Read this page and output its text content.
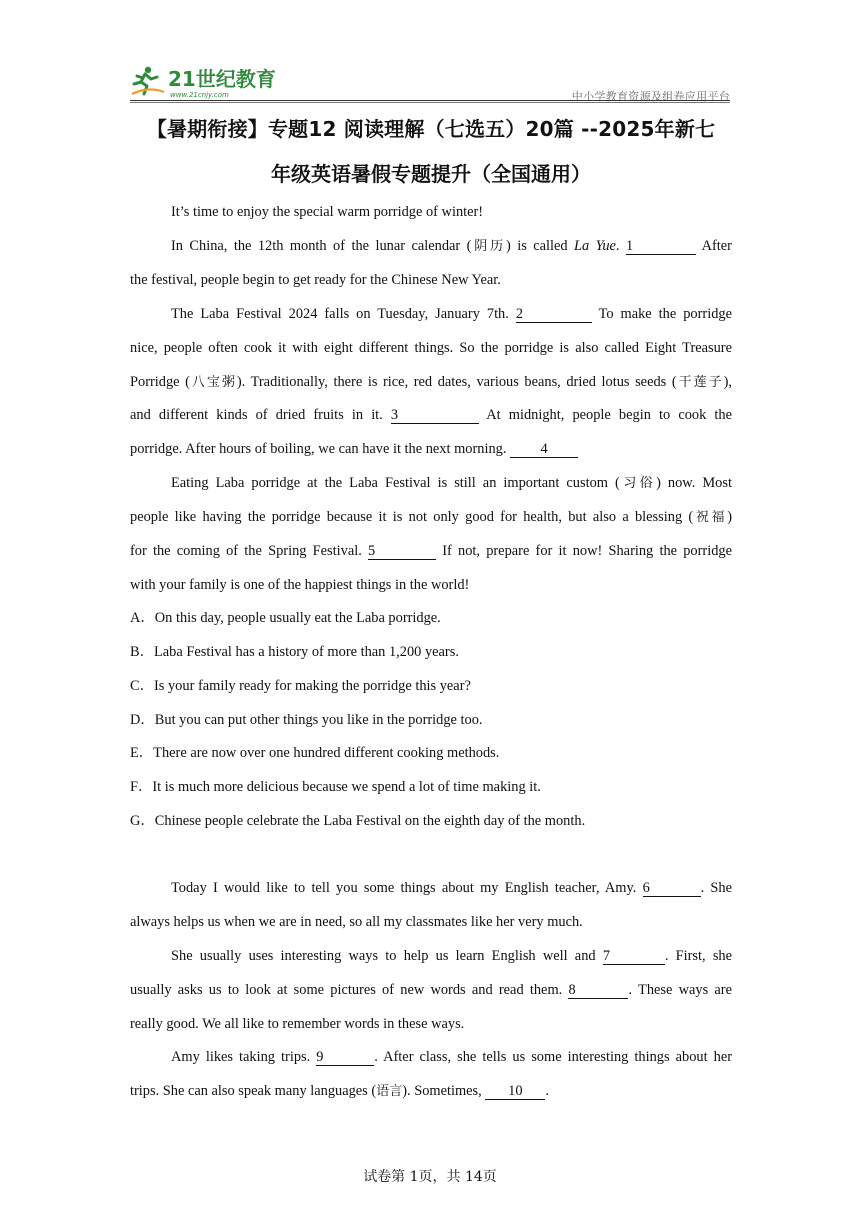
21世纪教育
www.21cnjy.com	中小学教育资源及组卷应用平台
【暑期衔接】专题12 阅读理解（七选五）20篇 --2025年新七
年级英语暑假专题提升（全国通用）
It’s time to enjoy the special warm porridge of winter!
In China, the 12th month of the lunar calendar (阴历) is called La Yue. 1	After
the festival, people begin to get ready for the Chinese New Year.
The Laba Festival 2024 falls on Tuesday, January 7th. 2	To make the porridge
nice, people often cook it with eight different things. So the porridge is also called Eight Treasure
Porridge (八宝粥). Traditionally, there is rice, red dates, various beans, dried lotus seeds (干莲子),
and different kinds of dried fruits in it. 3	At midnight, people begin to cook the
porridge. After hours of boiling, we can have it the next morning. 4
Eating Laba porridge at the Laba Festival is still an important custom (习俗) now. Most
people like having the porridge because it is not only good for health, but also a blessing (祝福)
for the coming of the Spring Festival. 5	If not, prepare for it now! Sharing the porridge
with your family is one of the happiest things in the world!
A．On this day, people usually eat the Laba porridge.
B．Laba Festival has a history of more than 1,200 years.
C．Is your family ready for making the porridge this year?
D．But you can put other things you like in the porridge too.
E．There are now over one hundred different cooking methods.
F．It is much more delicious because we spend a lot of time making it.
G．Chinese people celebrate the Laba Festival on the eighth day of the month.
Today I would like to tell you some things about my English teacher, Amy. 6	. She
always helps us when we are in need, so all my classmates like her very much.
She usually uses interesting ways to help us learn English well and 7	. First, she
usually asks us to look at some pictures of new words and read them. 8	. These ways are
really good. We all like to remember words in these ways.
Amy likes taking trips. 9	. After class, she tells us some interesting things about her
trips. She can also speak many languages (语言). Sometimes, 10 .
试卷第 1页，共 14页
